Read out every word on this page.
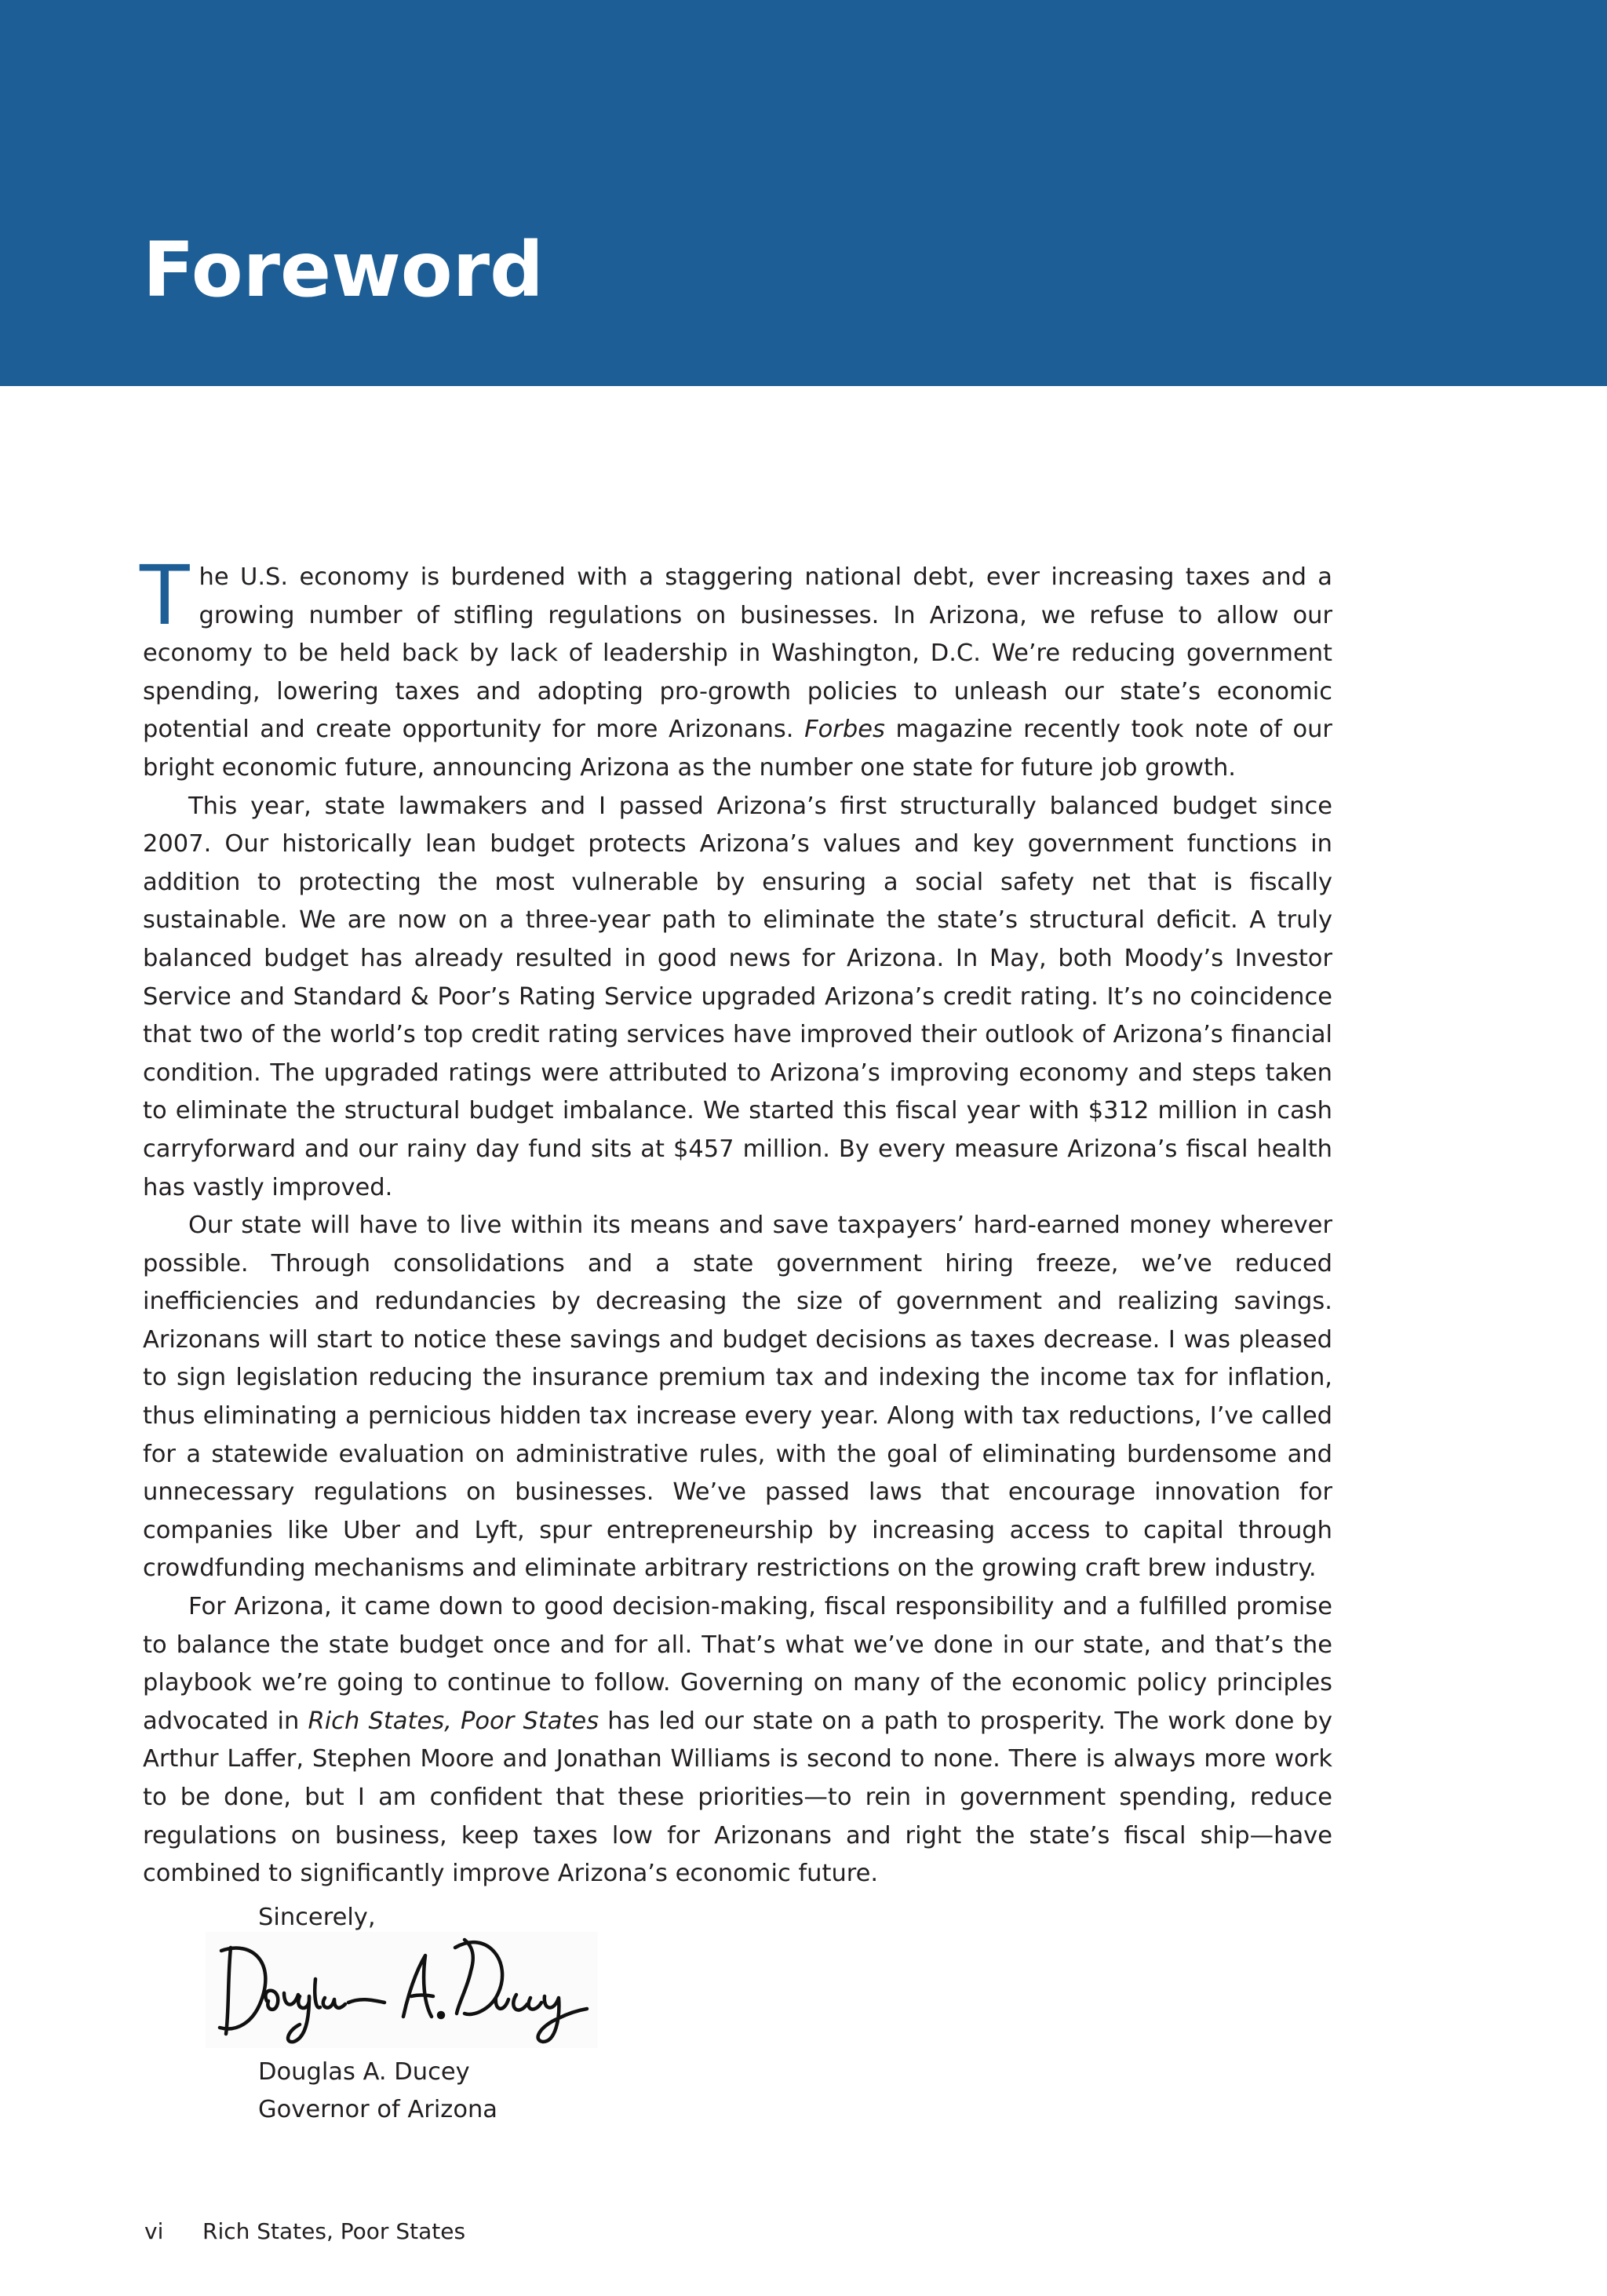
Foreword

The U.S. economy is burdened with a staggering national debt, ever increasing taxes and a growing number of stifling regulations on businesses. In Arizona, we refuse to allow our economy to be held back by lack of leadership in Washington, D.C. We’re reducing government spending, lowering taxes and adopting pro-growth policies to unleash our state’s economic potential and create opportunity for more Arizonans. Forbes magazine recently took note of our bright economic future, announcing Arizona as the number one state for future job growth.

This year, state lawmakers and I passed Arizona’s first structurally balanced budget since 2007. Our historically lean budget protects Arizona’s values and key government functions in addition to protecting the most vulnerable by ensuring a social safety net that is fiscally sustainable. We are now on a three-year path to eliminate the state’s structural deficit. A truly balanced budget has already resulted in good news for Arizona. In May, both Moody’s Investor Service and Standard & Poor’s Rating Service upgraded Arizona’s credit rating. It’s no coincidence that two of the world’s top credit rating services have improved their outlook of Arizona’s financial condition. The upgraded ratings were attributed to Arizona’s improving economy and steps taken to eliminate the structural budget imbalance. We started this fiscal year with $312 million in cash carryforward and our rainy day fund sits at $457 million. By every measure Arizona’s fiscal health has vastly improved.

Our state will have to live within its means and save taxpayers’ hard-earned money wherever possible. Through consolidations and a state government hiring freeze, we’ve reduced inefficiencies and redundancies by decreasing the size of government and realizing savings. Arizonans will start to notice these savings and budget decisions as taxes decrease. I was pleased to sign legislation reducing the insurance premium tax and indexing the income tax for inflation, thus eliminating a pernicious hidden tax increase every year. Along with tax reductions, I’ve called for a statewide evaluation on administrative rules, with the goal of eliminating burdensome and unnecessary regulations on businesses. We’ve passed laws that encourage innovation for companies like Uber and Lyft, spur entrepreneurship by increasing access to capital through crowdfunding mechanisms and eliminate arbitrary restrictions on the growing craft brew industry.

For Arizona, it came down to good decision-making, fiscal responsibility and a fulfilled promise to balance the state budget once and for all. That’s what we’ve done in our state, and that’s the playbook we’re going to continue to follow. Governing on many of the economic policy principles advocated in Rich States, Poor States has led our state on a path to prosperity. The work done by Arthur Laffer, Stephen Moore and Jonathan Williams is second to none. There is always more work to be done, but I am confident that these priorities—to rein in government spending, reduce regulations on business, keep taxes low for Arizonans and right the state’s fiscal ship—have combined to significantly improve Arizona’s economic future.

Sincerely,
Douglas A. Ducey
Governor of Arizona
vi Rich States, Poor States
